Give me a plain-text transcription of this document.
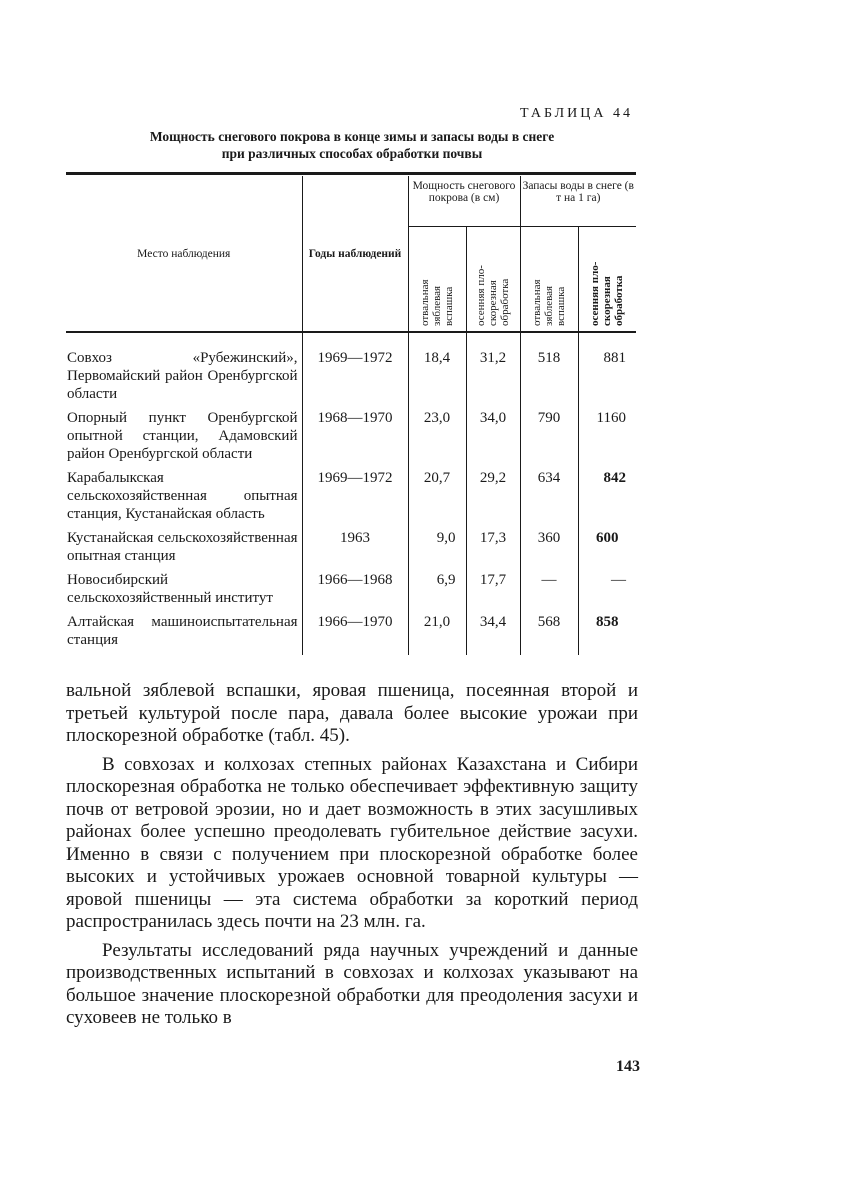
ТАБЛИЦА 44
Мощность снегового покрова в конце зимы и запасы воды в снеге
при различных способах обработки почвы
Место наблюдения	Годы наблюдений	Мощность снегового покрова (в см)		Запасы воды в снеге (в т на 1 га)	
		отвальная
зяблевая
вспашка	осенняя пло-
скорезная
обработка	отвальная
зяблевая
вспашка	осенняя пло-
скорезная
обработка
Совхоз «Рубежинский», Первомайский район Оренбургской области	1969—1972	18,4	31,2	518	881
Опорный пункт Оренбургской опытной станции, Адамовский район Оренбургской области	1968—1970	23,0	34,0	790	1160
Карабалыкская сельскохозяйственная опытная станция, Кустанайская область	1969—1972	20,7	29,2	634	842
Кустанайская сельскохозяйственная опытная станция	1963	9,0	17,3	360	600
Новосибирский сельскохозяйственный институт	1966—1968	6,9	17,7	—	—
Алтайская машиноиспытательная станция	1966—1970	21,0	34,4	568	858

вальной зяблевой вспашки, яровая пшеница, посеянная второй и третьей культурой после пара, давала более высокие урожаи при плоскорезной обработке (табл. 45).

В совхозах и колхозах степных районах Казахстана и Сибири плоскорезная обработка не только обеспечивает эффективную защиту почв от ветровой эрозии, но и дает возможность в этих засушливых районах более успешно преодолевать губительное действие засухи. Именно в связи с получением при плоскорезной обработке более высоких и устойчивых урожаев основной товарной культуры — яровой пшеницы — эта система обработки за короткий период распространилась здесь почти на 23 млн. га.

Результаты исследований ряда научных учреждений и данные производственных испытаний в совхозах и колхозах указывают на большое значение плоскорезной обработки для преодоления засухи и суховеев не только в

143
